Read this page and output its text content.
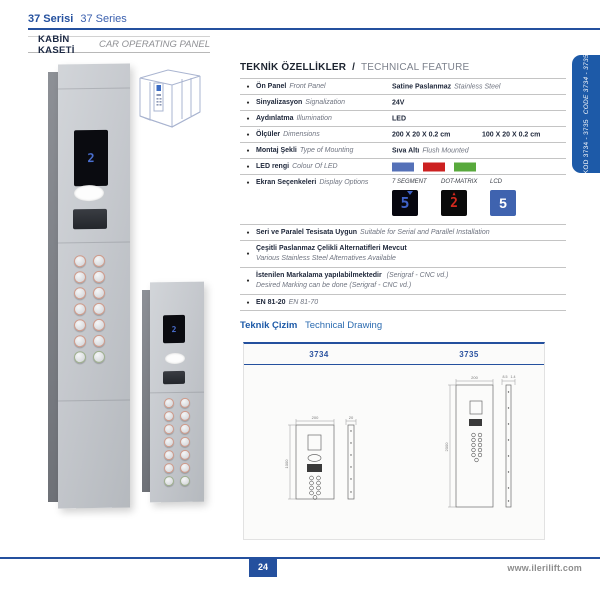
37 Serisi 37 Series
KABİN KASETİ	CAR OPERATING PANEL
KOD 3734 - 3735 CODE 3734 - 3735
2
2
TEKNİK ÖZELLİKLER / TECHNICAL FEATURE
● Ön Panel Front Panel	Satine Paslanmaz Stainless Steel
● Sinyalizasyon Signalization	24V
● Aydınlatma Illumination	LED
● Ölçüler Dimensions	200 X 20 X 0.2 cm	100 X 20 X 0.2 cm
● Montaj Şekli Type of Mounting	Sıva Altı Flush Mounted
● LED rengi Colour Of LED
● Ekran Seçenkeleri Display Options	7 SEGMENT
5
DOT-MATRIX
▲ 2
LCD
5
● Seri ve Paralel Tesisata Uygun Suitable for Serial and Parallel Installation
●
Çeşitli Paslanmaz Çelikli Alternatifleri Mevcut
Various Stainless Steel Alternatives Available
●
İstenilen Markalama yapılabilmektedir (Serigraf - CNC vd.)
Desired Marking can be done (Serigraf - CNC vd.)
● EN 81-20 EN 81-70
Teknik Çizim Technical Drawing
3734	3735
1000
200	20
2000
200	8.5 1.4
24	www.ilerilift.com
